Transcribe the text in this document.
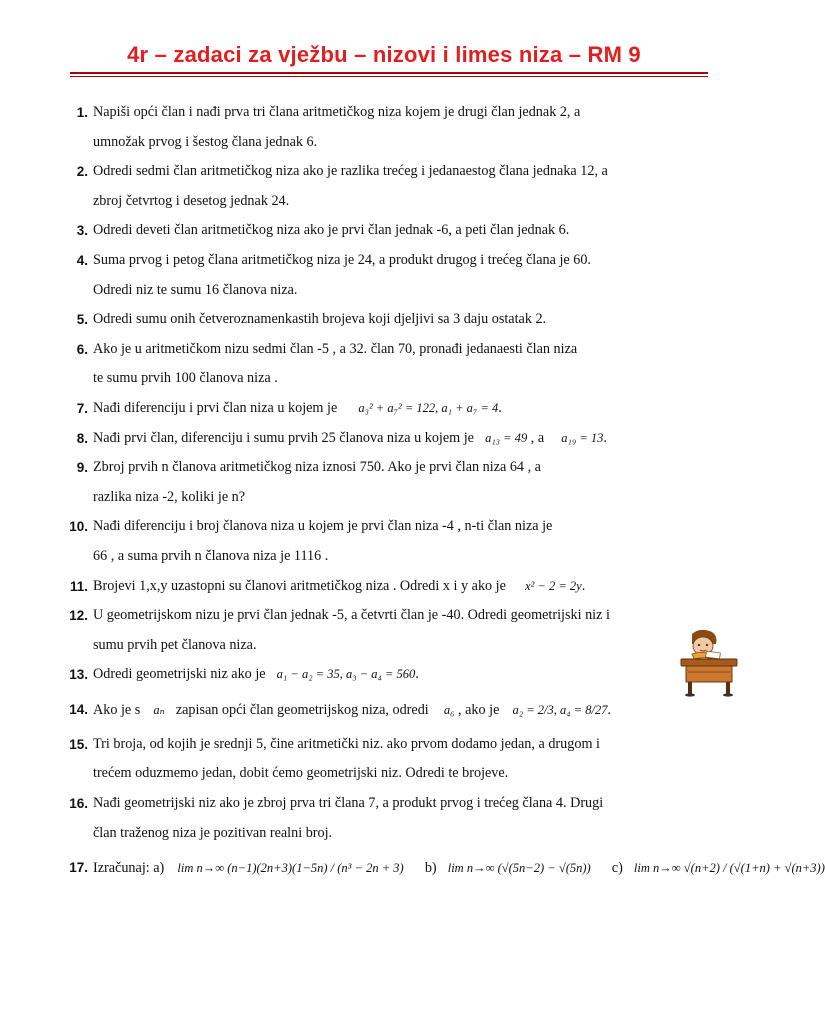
4r – zadaci za vježbu – nizovi i limes niza – RM 9
1. Napiši opći član i nađi prva tri člana aritmetičkog niza kojem je drugi član jednak 2, a
umnožak prvog i šestog člana jednak 6.
2. Odredi sedmi član aritmetičkog niza ako je razlika trećeg i jedanaestog člana jednaka 12, a
zbroj četvrtog i desetog jednak 24.
3. Odredi deveti član aritmetičkog niza ako je prvi član jednak -6, a peti član jednak 6.
4. Suma prvog i petog člana aritmetičkog niza je 24, a produkt drugog i trećeg člana je 60.
Odredi niz te sumu 16 članova niza.
5. Odredi sumu onih četveroznamenkastih brojeva koji djeljivi sa 3 daju ostatak 2.
6. Ako je u aritmetičkom nizu sedmi član -5 , a 32. član 70, pronađi jedanaesti član niza
te sumu prvih 100 članova niza .
7. Nađi diferenciju i prvi član niza u kojem je a₃² + a₇² = 122, a₁ + a₇ = 4.
8. Nađi prvi član, diferenciju i sumu prvih 25 članova niza u kojem je a₁₃ = 49 , a a₁₉ = 13.
9. Zbroj prvih n članova aritmetičkog niza iznosi 750. Ako je prvi član niza 64 , a
razlika niza -2, koliki je n?
10. Nađi diferenciju i broj članova niza u kojem je prvi član niza -4 , n-ti član niza je
66 , a suma prvih n članova niza je 1116 .
11. Brojevi 1,x,y uzastopni su članovi aritmetičkog niza . Odredi x i y ako je x² − 2 = 2y.
12. U geometrijskom nizu je prvi član jednak -5, a četvrti član je -40. Odredi geometrijski niz i
sumu prvih pet članova niza.
13. Odredi geometrijski niz ako je a₁ − a₂ = 35, a₃ − a₄ = 560.
14. Ako je s aₙ zapisan opći član geometrijskog niza, odredi a₆ , ako je a₂ = 2/3, a₄ = 8/27.
15. Tri broja, od kojih je srednji 5, čine aritmetički niz. ako prvom dodamo jedan, a drugom i
trećem oduzmemo jedan, dobit ćemo geometrijski niz. Odredi te brojeve.
16. Nađi geometrijski niz ako je zbroj prva tri člana 7, a produkt prvog i trećeg člana 4. Drugi
član traženog niza je pozitivan realni broj.
17. Izračunaj: a) lim n→∞ (n−1)(2n+3)(1−5n) / (n³ − 2n + 3) b) lim n→∞ (√(5n−2) − √(5n)) c) lim n→∞ √(n+2) / (√(1+n) + √(n+3))
